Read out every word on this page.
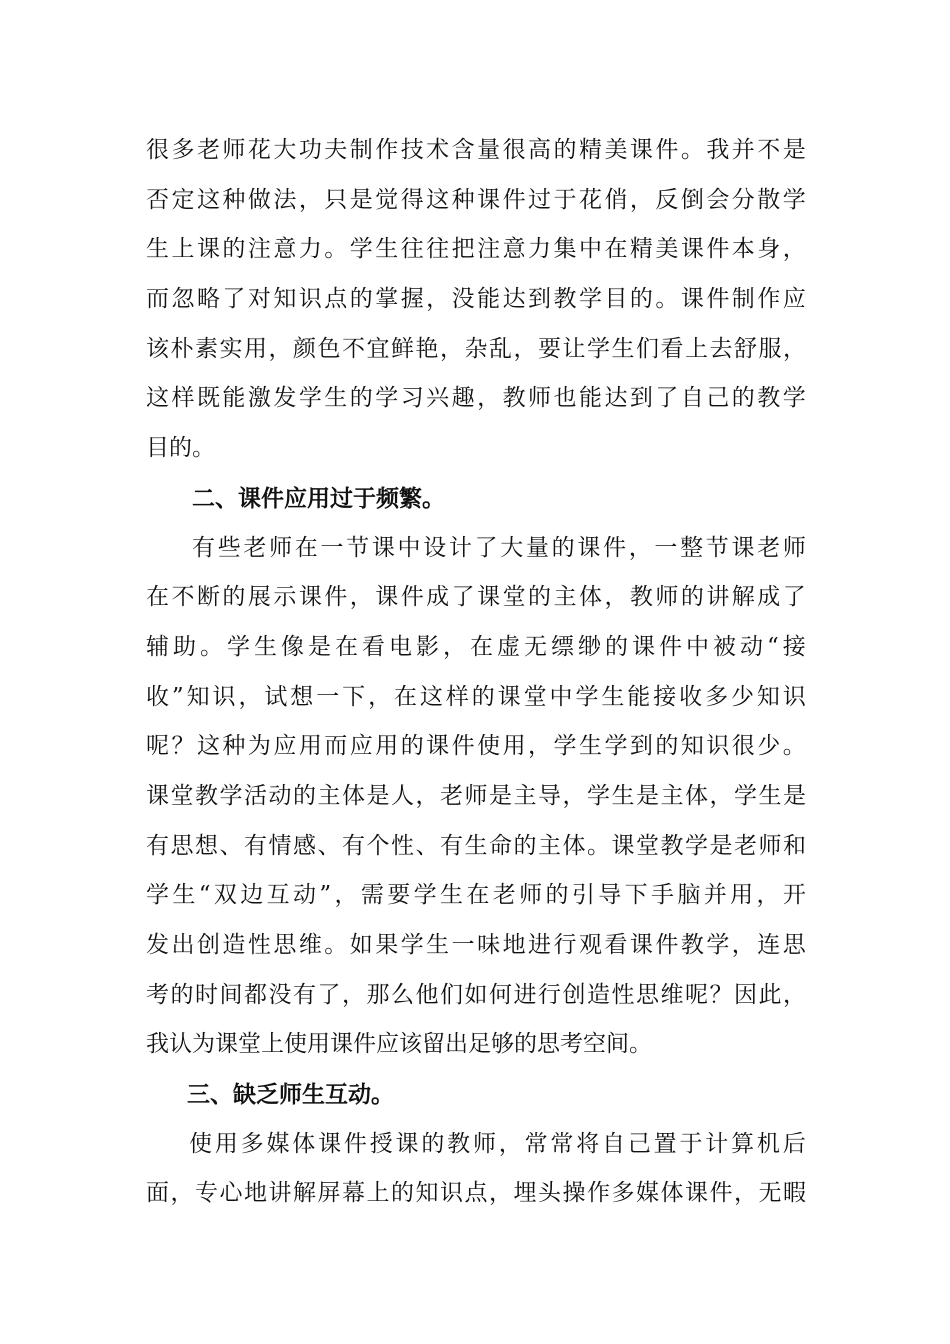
很 多 老 师 花 大 功 夫 制 作 技 术 含 量 很 高 的 精 美 课 件 。 我 并 不 是
否 定 这 种 做 法 ， 只 是 觉 得 这 种 课 件 过 于 花 俏 ， 反 倒 会 分 散 学
生 上 课 的 注 意 力 。 学 生 往 往 把 注 意 力 集 中 在 精 美 课 件 本 身 ，
而 忽 略 了 对 知 识 点 的 掌 握 ， 没 能 达 到 教 学 目 的 。 课 件 制 作 应
该 朴 素 实 用 ， 颜 色 不 宜 鲜 艳 ， 杂 乱 ， 要 让 学 生 们 看 上 去 舒 服 ，
这 样 既 能 激 发 学 生 的 学 习 兴 趣 ， 教 师 也 能 达 到 了 自 己 的 教 学
目的。
二、课件应用过于频繁。
有 些 老 师 在 一 节 课 中 设 计 了 大 量 的 课 件 ， 一 整 节 课 老 师
在 不 断 的 展 示 课 件 ， 课 件 成 了 课 堂 的 主 体 ， 教 师 的 讲 解 成 了
辅 助 。 学 生 像 是 在 看 电 影 ， 在 虚 无 缥 缈 的 课 件 中 被 动 “ 接
收 ” 知 识 ， 试 想 一 下 ， 在 这 样 的 课 堂 中 学 生 能 接 收 多 少 知 识
呢 ？ 这 种 为 应 用 而 应 用 的 课 件 使 用 ， 学 生 学 到 的 知 识 很 少 。
课 堂 教 学 活 动 的 主 体 是 人 ， 老 师 是 主 导 ， 学 生 是 主 体 ， 学 生 是
有 思 想 、 有 情 感 、 有 个 性 、 有 生 命 的 主 体 。 课 堂 教 学 是 老 师 和
学 生 “ 双 边 互 动 ” ， 需 要 学 生 在 老 师 的 引 导 下 手 脑 并 用 ， 开
发 出 创 造 性 思 维 。 如 果 学 生 一 味 地 进 行 观 看 课 件 教 学 ， 连 思
考 的 时 间 都 没 有 了 ， 那 么 他 们 如 何 进 行 创 造 性 思 维 呢 ？ 因 此 ，
我认为课堂上使用课件应该留出足够的思考空间。
三、缺乏师生互动。
使 用 多 媒 体 课 件 授 课 的 教 师 ， 常 常 将 自 己 置 于 计 算 机 后
面 ， 专 心 地 讲 解 屏 幕 上 的 知 识 点 ， 埋 头 操 作 多 媒 体 课 件 ， 无 暇
